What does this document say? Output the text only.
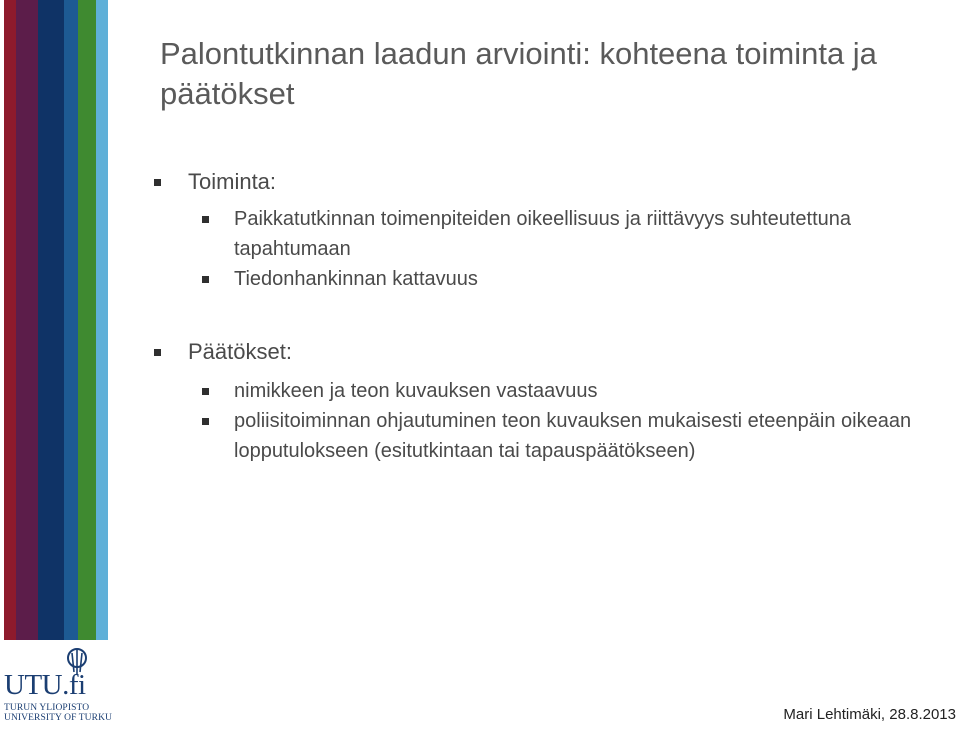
UTU.fi
TURUN YLIOPISTO
UNIVERSITY OF TURKU
Palontutkinnan laadun arviointi: kohteena toiminta ja päätökset
Toiminta:
Paikkatutkinnan toimenpiteiden oikeellisuus ja riittävyys suhteutettuna tapahtumaan
Tiedonhankinnan kattavuus
Päätökset:
nimikkeen ja teon kuvauksen vastaavuus
poliisitoiminnan ohjautuminen teon kuvauksen mukaisesti eteenpäin oikeaan lopputulokseen (esitutkintaan tai tapauspäätökseen)
Mari Lehtimäki, 28.8.2013
